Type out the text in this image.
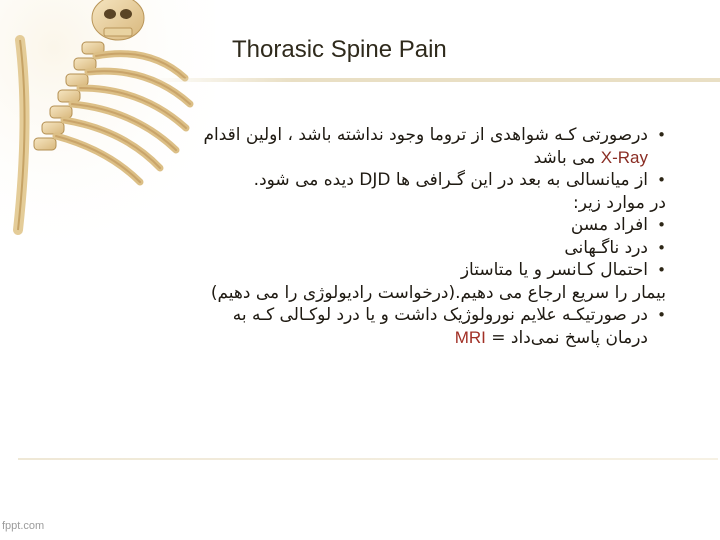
Thorasic Spine Pain
•درصورتی کـه شواهدی از تروما وجود نداشته باشد ، اولین اقدام
X-Ray می باشد
•از میانسالی به بعد در این گـرافی ها DJD دیده می شود.
در موارد زیر:
•افراد مسن
•درد ناگـهانی
•احتمال کـانسر و یا متاستاز
بیمار را سریع ارجاع می دهیم.(درخواست رادیولوژی را می دهیم)
•در صورتیکـه علایم نورولوژیک داشت و یا درد لوکـالی کـه به
درمان پاسخ نمی‌داد = MRI
fppt.com
